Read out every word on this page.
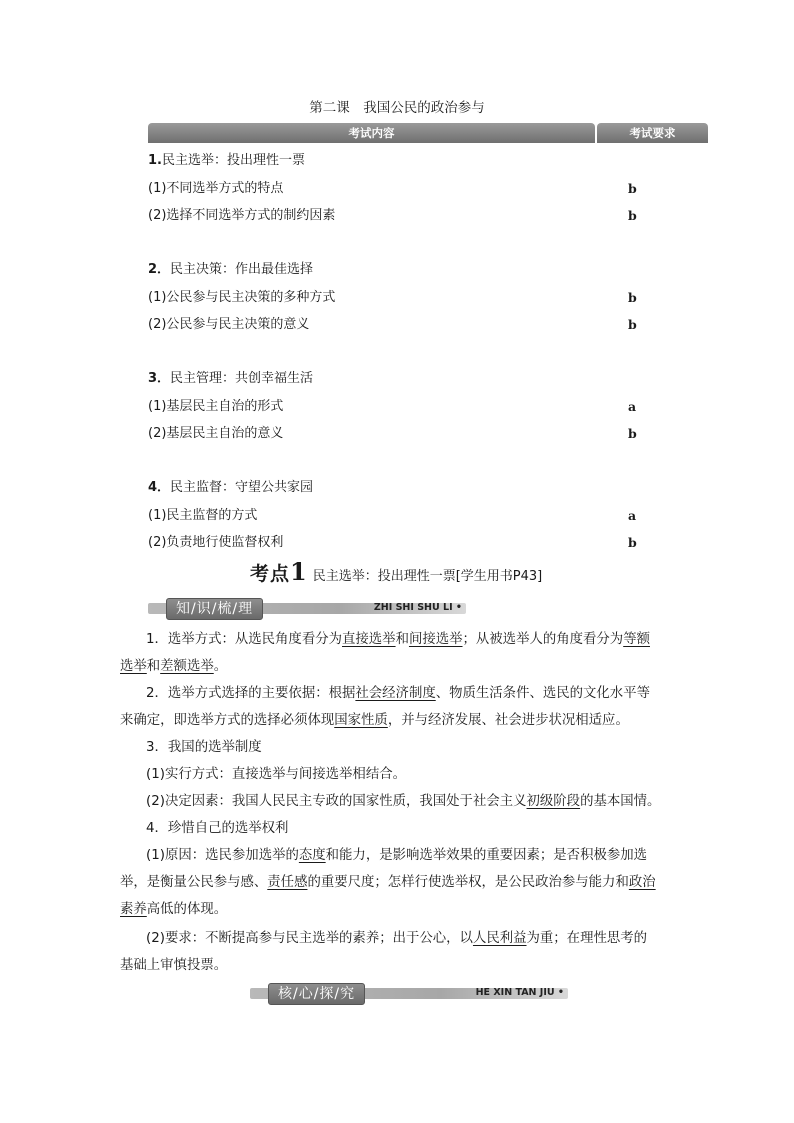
第二课　我国公民的政治参与
考试内容	考试要求
1.民主选举：投出理性一票
(1)不同选举方式的特点	b
(2)选择不同选举方式的制约因素	b
2．民主决策：作出最佳选择
(1)公民参与民主决策的多种方式	b
(2)公民参与民主决策的意义	b
3．民主管理：共创幸福生活
(1)基层民主自治的形式	a
(2)基层民主自治的意义	b
4．民主监督：守望公共家园
(1)民主监督的方式	a
(2)负责地行使监督权利	b
考点1 民主选举：投出理性一票[学生用书P43]
知/识/梳/理	ZHI SHI SHU LI •
1．选举方式：从选民角度看分为直接选举和间接选举；从被选举人的角度看分为等额
选举和差额选举。
2．选举方式选择的主要依据：根据社会经济制度、物质生活条件、选民的文化水平等
来确定，即选举方式的选择必须体现国家性质，并与经济发展、社会进步状况相适应。
3．我国的选举制度
(1)实行方式：直接选举与间接选举相结合。
(2)决定因素：我国人民民主专政的国家性质，我国处于社会主义初级阶段的基本国情。
4．珍惜自己的选举权利
(1)原因：选民参加选举的态度和能力，是影响选举效果的重要因素；是否积极参加选
举，是衡量公民参与感、责任感的重要尺度；怎样行使选举权，是公民政治参与能力和政治
素养高低的体现。
(2)要求：不断提高参与民主选举的素养；出于公心，以人民利益为重；在理性思考的
基础上审慎投票。
核/心/探/究	HE XIN TAN JIU •
